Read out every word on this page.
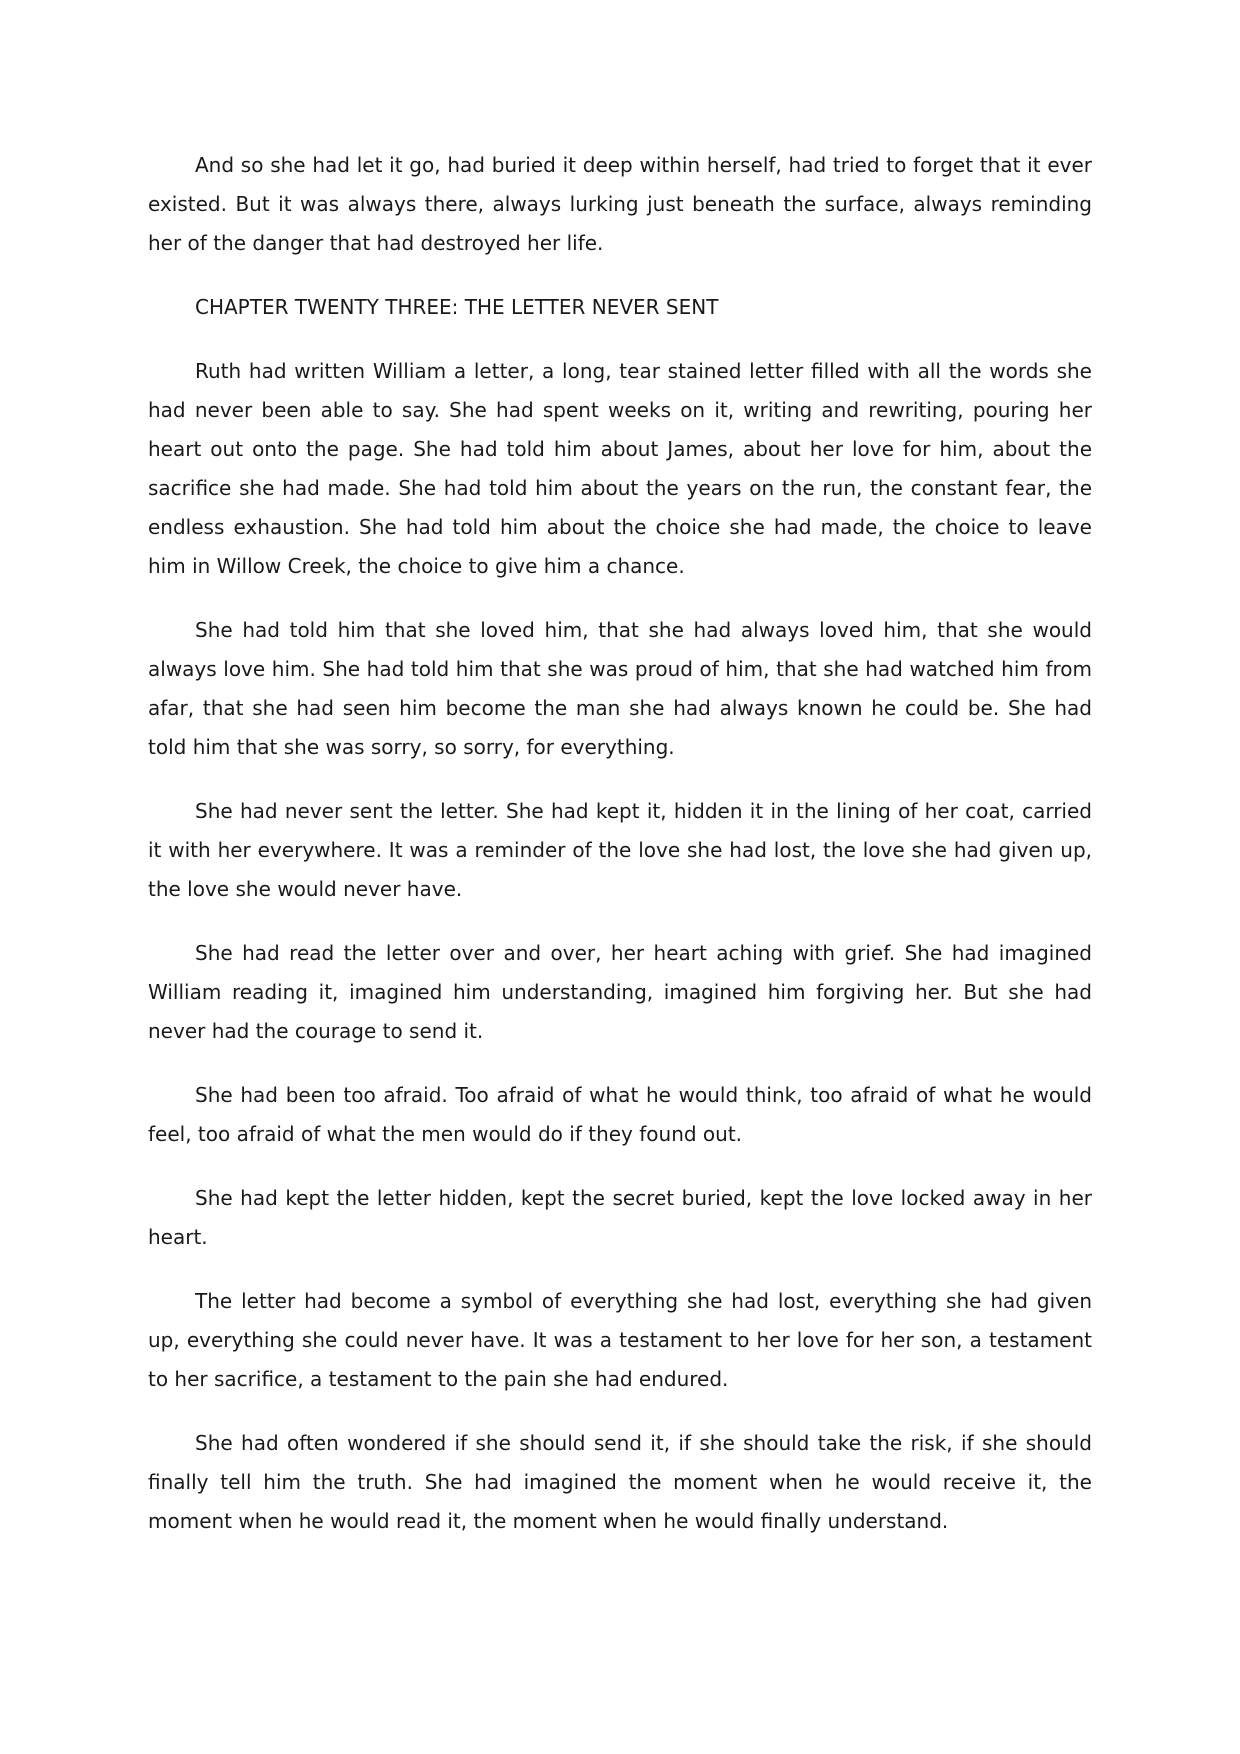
And so she had let it go, had buried it deep within herself, had tried to forget that it ever existed. But it was always there, always lurking just beneath the surface, always reminding her of the danger that had destroyed her life.

CHAPTER TWENTY THREE: THE LETTER NEVER SENT

Ruth had written William a letter, a long, tear stained letter filled with all the words she had never been able to say. She had spent weeks on it, writing and rewriting, pouring her heart out onto the page. She had told him about James, about her love for him, about the sacrifice she had made. She had told him about the years on the run, the constant fear, the endless exhaustion. She had told him about the choice she had made, the choice to leave him in Willow Creek, the choice to give him a chance.

She had told him that she loved him, that she had always loved him, that she would always love him. She had told him that she was proud of him, that she had watched him from afar, that she had seen him become the man she had always known he could be. She had told him that she was sorry, so sorry, for everything.

She had never sent the letter. She had kept it, hidden it in the lining of her coat, carried it with her everywhere. It was a reminder of the love she had lost, the love she had given up, the love she would never have.

She had read the letter over and over, her heart aching with grief. She had imagined William reading it, imagined him understanding, imagined him forgiving her. But she had never had the courage to send it.

She had been too afraid. Too afraid of what he would think, too afraid of what he would feel, too afraid of what the men would do if they found out.

She had kept the letter hidden, kept the secret buried, kept the love locked away in her heart.

The letter had become a symbol of everything she had lost, everything she had given up, everything she could never have. It was a testament to her love for her son, a testament to her sacrifice, a testament to the pain she had endured.

She had often wondered if she should send it, if she should take the risk, if she should finally tell him the truth. She had imagined the moment when he would receive it, the moment when he would read it, the moment when he would finally understand.
